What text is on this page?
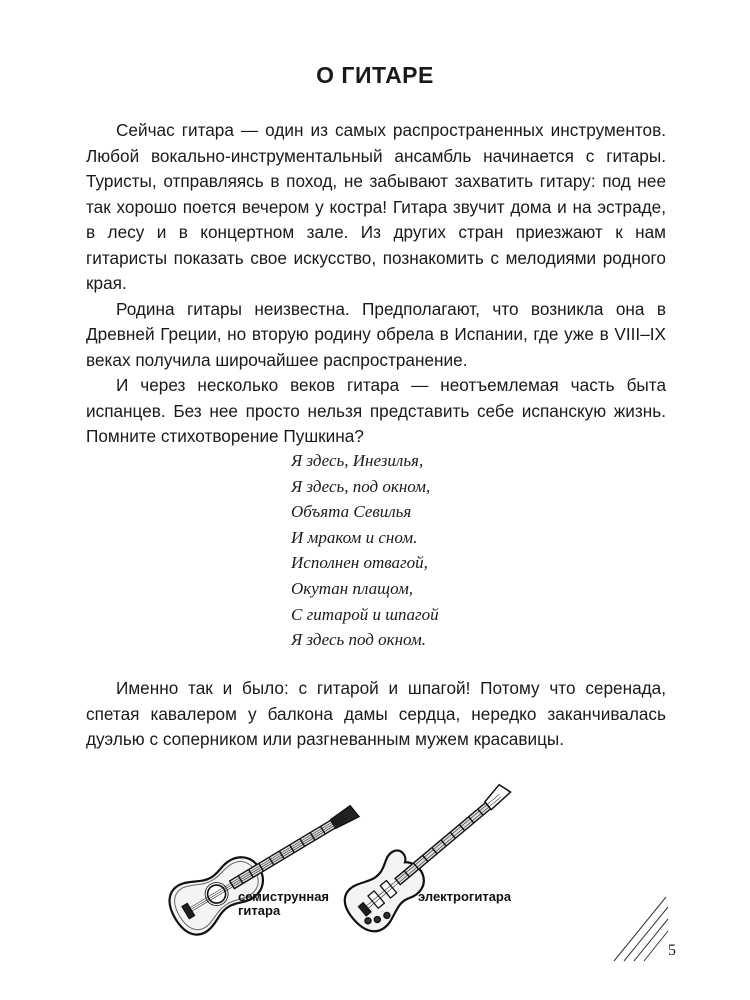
О ГИТАРЕ

Сейчас гитара — один из самых распространенных инструментов. Любой вокально-инструментальный ансамбль начинается с гитары. Туристы, отправляясь в поход, не забывают захватить гитару: под нее так хорошо поется вечером у костра! Гитара звучит дома и на эстраде, в лесу и в концертном зале. Из других стран приезжают к нам гитаристы показать свое искусство, познакомить с мелодиями родного края.

Родина гитары неизвестна. Предполагают, что возникла она в Древней Греции, но вторую родину обрела в Испании, где уже в VIII–IX веках получила широчайшее распространение.

И через несколько веков гитара — неотъемлемая часть быта испанцев. Без нее просто нельзя представить себе испанскую жизнь. Помните стихотворение Пушкина?

Я здесь, Инезилья,
Я здесь, под окном,
Объята Севилья
И мраком и сном.
Исполнен отвагой,
Окутан плащом,
С гитарой и шпагой
Я здесь под окном.

Именно так и было: с гитарой и шпагой! Потому что серенада, спетая кавалером у балкона дамы сердца, нередко заканчивалась дуэлью с соперником или разгневанным мужем красавицы.

семиструнная
гитара
электрогитара
5
